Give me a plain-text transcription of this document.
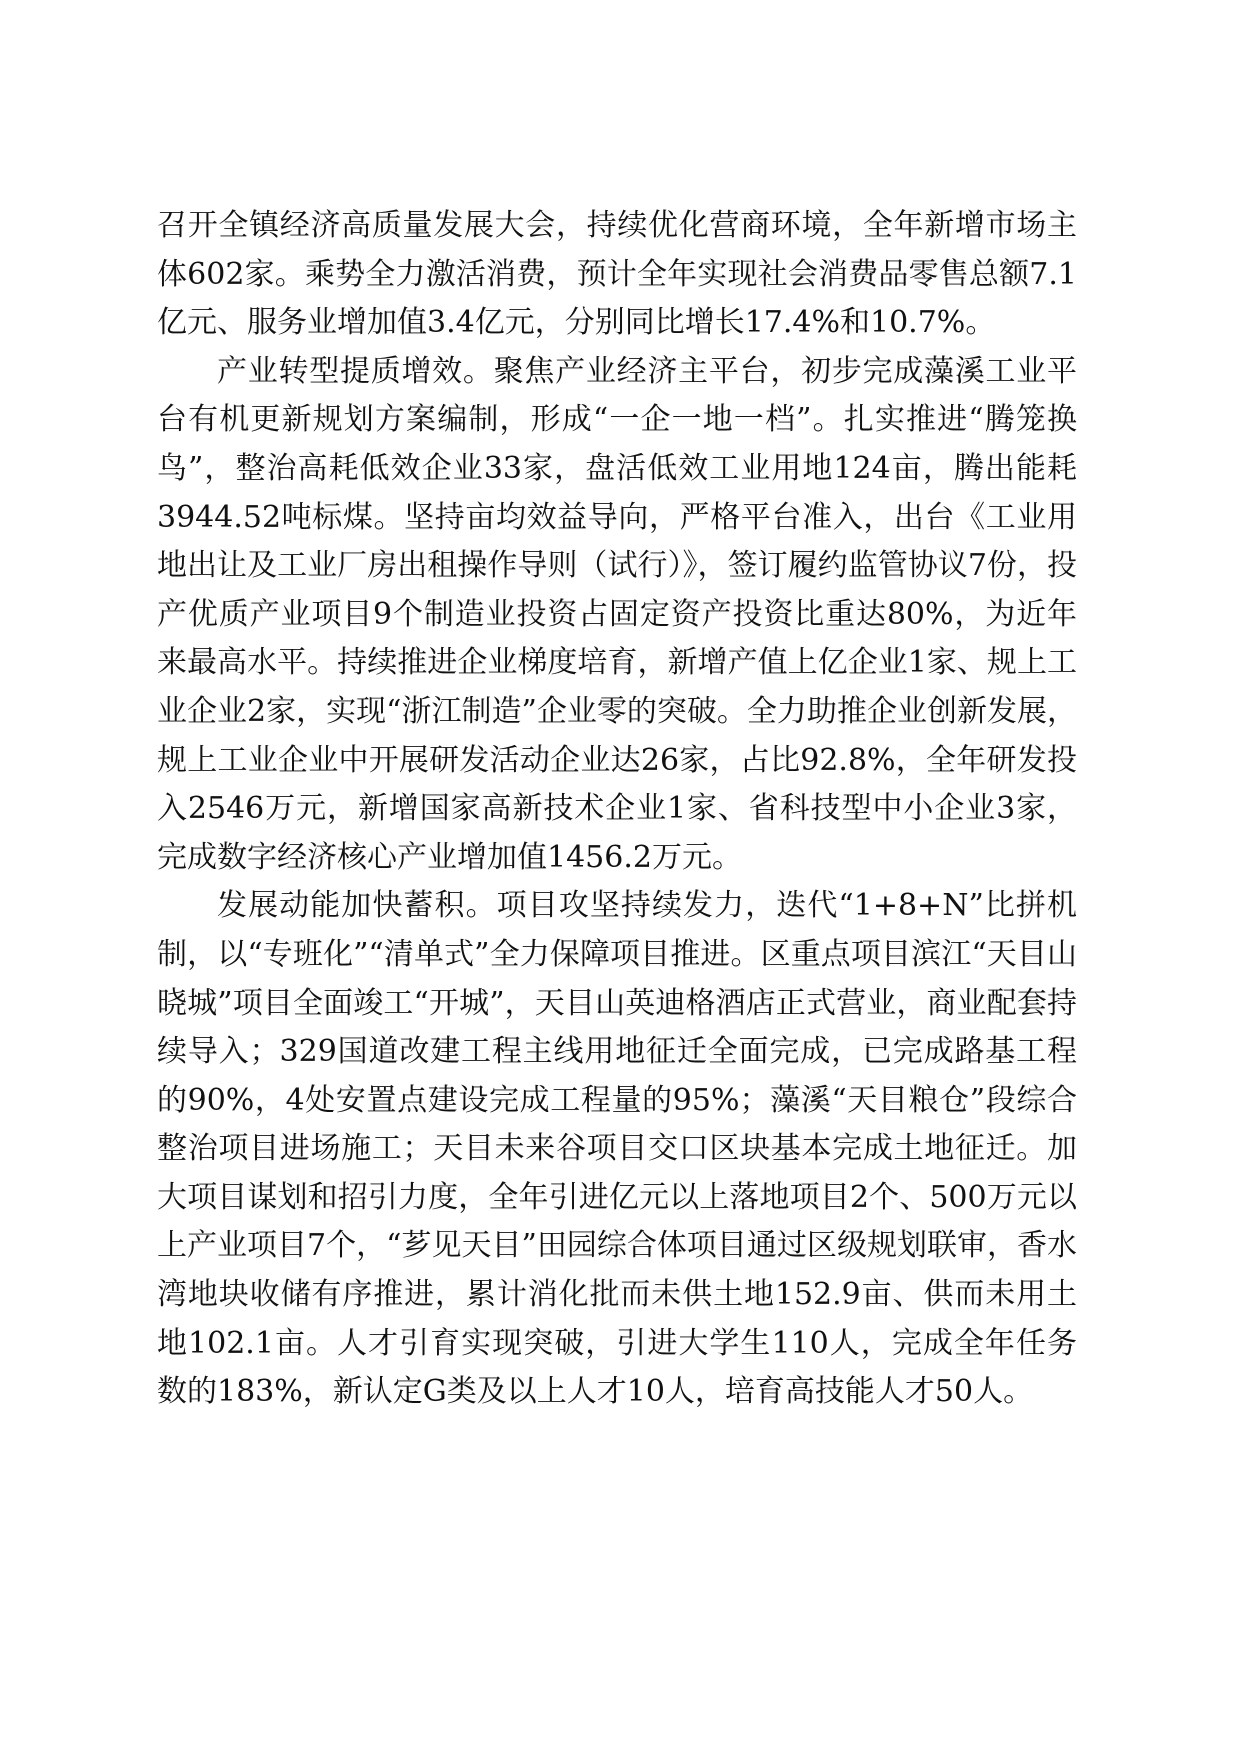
召开全镇经济高质量发展大会，持续优化营商环境，全年新增市场主体602家。乘势全力激活消费，预计全年实现社会消费品零售总额7.1亿元、服务业增加值3.4亿元，分别同比增长17.4%和10.7%。

产业转型提质增效。聚焦产业经济主平台，初步完成藻溪工业平台有机更新规划方案编制，形成“一企一地一档”。扎实推进“腾笼换鸟”，整治高耗低效企业33家，盘活低效工业用地124亩，腾出能耗3944.52吨标煤。坚持亩均效益导向，严格平台准入，出台《工业用地出让及工业厂房出租操作导则（试行）》，签订履约监管协议7份，投产优质产业项目9个制造业投资占固定资产投资比重达80%，为近年来最高水平。持续推进企业梯度培育，新增产值上亿企业1家、规上工业企业2家，实现“浙江制造”企业零的突破。全力助推企业创新发展，规上工业企业中开展研发活动企业达26家，占比92.8%，全年研发投入2546万元，新增国家高新技术企业1家、省科技型中小企业3家，完成数字经济核心产业增加值1456.2万元。

发展动能加快蓄积。项目攻坚持续发力，迭代“1+8+N”比拼机制，以“专班化”“清单式”全力保障项目推进。区重点项目滨江“天目山晓城”项目全面竣工“开城”，天目山英迪格酒店正式营业，商业配套持续导入；329国道改建工程主线用地征迁全面完成，已完成路基工程的90%，4处安置点建设完成工程量的95%；藻溪“天目粮仓”段综合整治项目进场施工；天目未来谷项目交口区块基本完成土地征迁。加大项目谋划和招引力度，全年引进亿元以上落地项目2个、500万元以上产业项目7个，“芗见天目”田园综合体项目通过区级规划联审，香水湾地块收储有序推进，累计消化批而未供土地152.9亩、供而未用土地102.1亩。人才引育实现突破，引进大学生110人，完成全年任务数的183%，新认定G类及以上人才10人，培育高技能人才50人。
